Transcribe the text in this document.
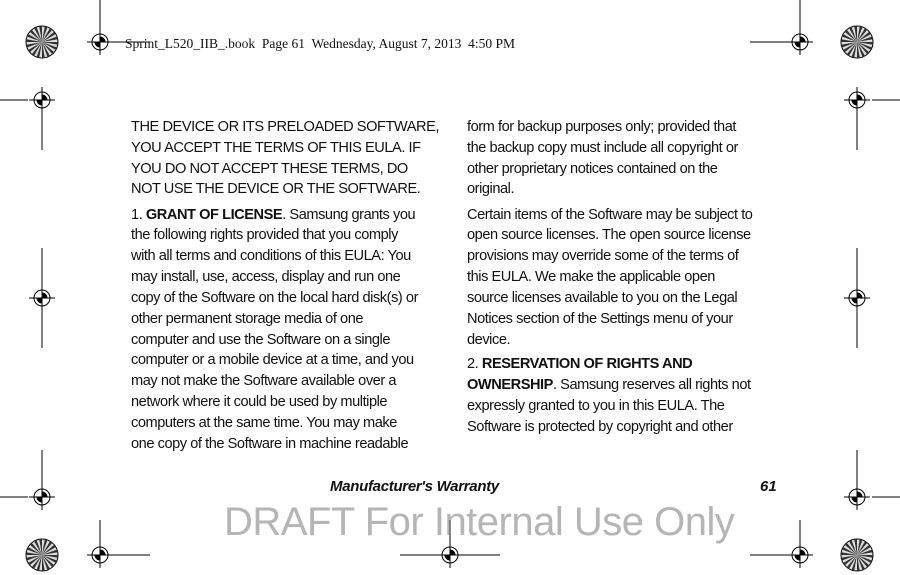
Sprint_L520_IIB_.book  Page 61  Wednesday, August 7, 2013  4:50 PM
THE DEVICE OR ITS PRELOADED SOFTWARE,
YOU ACCEPT THE TERMS OF THIS EULA. IF
YOU DO NOT ACCEPT THESE TERMS, DO
NOT USE THE DEVICE OR THE SOFTWARE.
1. GRANT OF LICENSE. Samsung grants you
the following rights provided that you comply
with all terms and conditions of this EULA: You
may install, use, access, display and run one
copy of the Software on the local hard disk(s) or
other permanent storage media of one
computer and use the Software on a single
computer or a mobile device at a time, and you
may not make the Software available over a
network where it could be used by multiple
computers at the same time. You may make
one copy of the Software in machine readable
form for backup purposes only; provided that
the backup copy must include all copyright or
other proprietary notices contained on the
original.
Certain items of the Software may be subject to
open source licenses. The open source license
provisions may override some of the terms of
this EULA. We make the applicable open
source licenses available to you on the Legal
Notices section of the Settings menu of your
device.
2. RESERVATION OF RIGHTS AND
OWNERSHIP. Samsung reserves all rights not
expressly granted to you in this EULA. The
Software is protected by copyright and other
Manufacturer's Warranty	61
DRAFT For Internal Use Only
